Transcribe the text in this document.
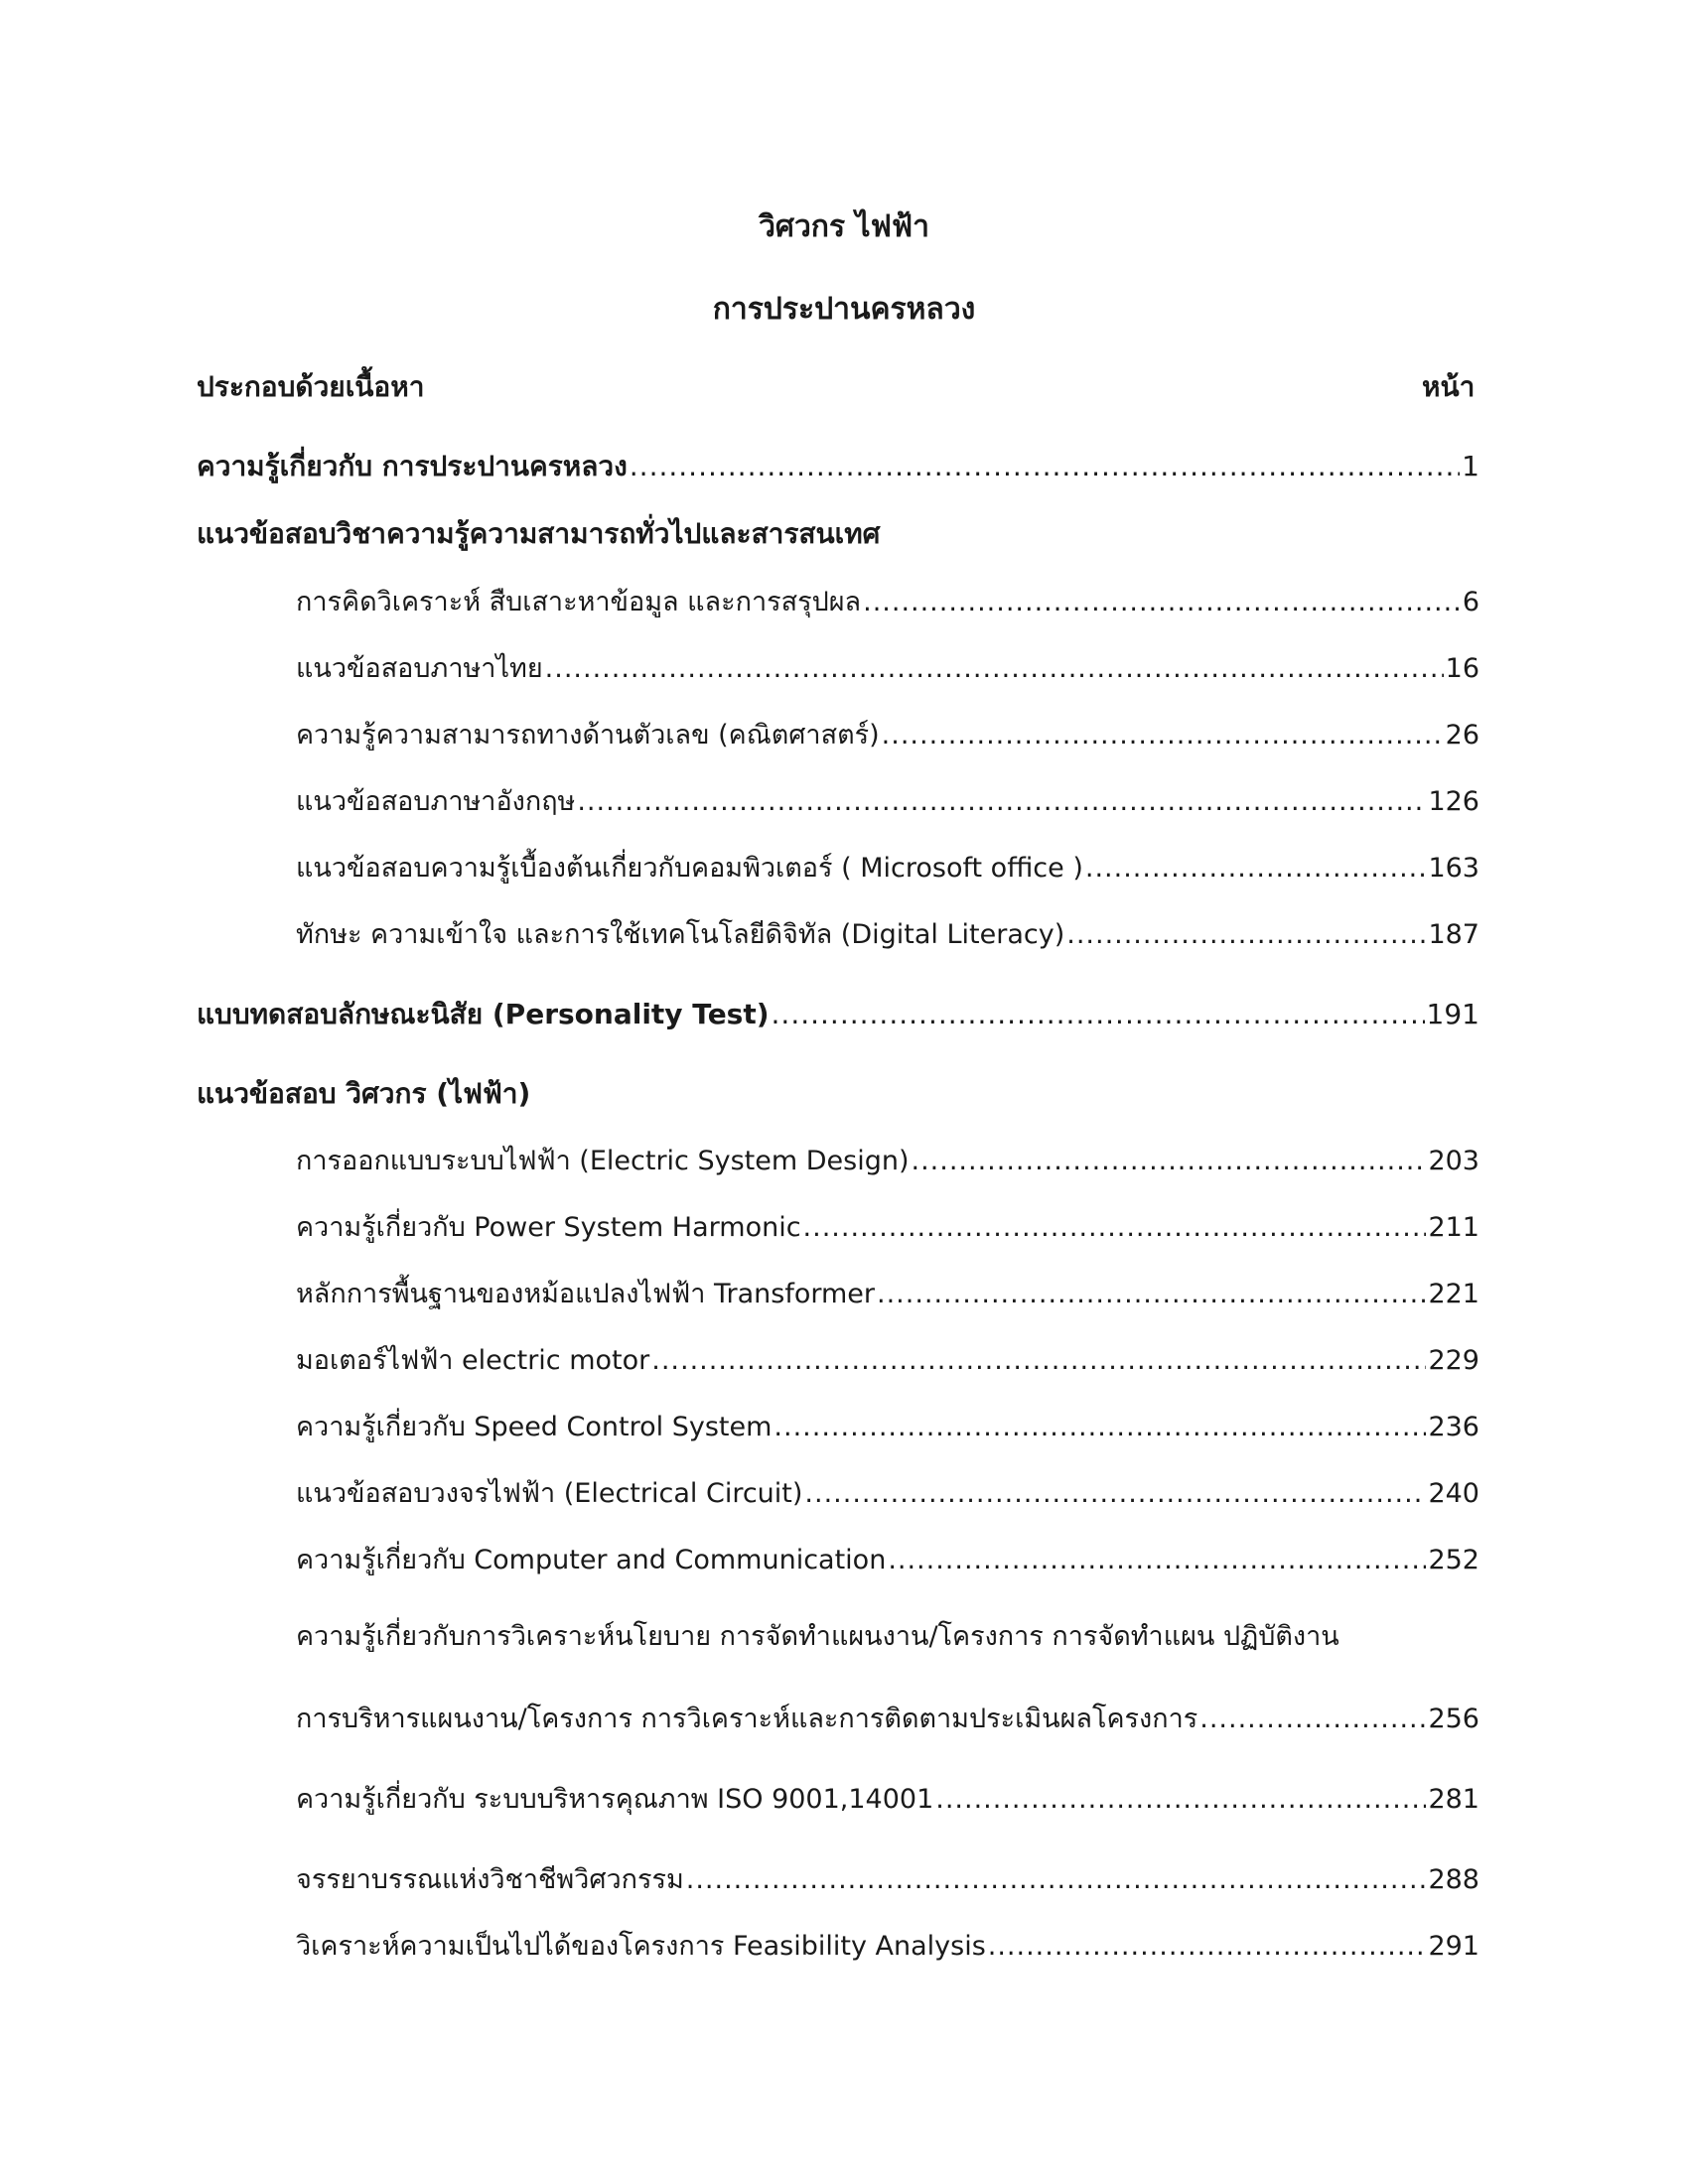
วิศวกร ไฟฟ้า
การประปานครหลวง
ประกอบด้วยเนื้อหา	หน้า
ความรู้เกี่ยวกับ การประปานครหลวง .....	1
แนวข้อสอบวิชาความรู้ความสามารถทั่วไปและสารสนเทศ
การคิดวิเคราะห์ สืบเสาะหาข้อมูล และการสรุปผล .....	6
แนวข้อสอบภาษาไทย .....	16
ความรู้ความสามารถทางด้านตัวเลข (คณิตศาสตร์) .....	26
แนวข้อสอบภาษาอังกฤษ .....	126
แนวข้อสอบความรู้เบื้องต้นเกี่ยวกับคอมพิวเตอร์ ( Microsoft office ) .....	163
ทักษะ ความเข้าใจ และการใช้เทคโนโลยีดิจิทัล (Digital Literacy) .....	187
แบบทดสอบลักษณะนิสัย (Personality Test) .....	191
แนวข้อสอบ วิศวกร (ไฟฟ้า)
การออกแบบระบบไฟฟ้า (Electric System Design) .....	203
ความรู้เกี่ยวกับ Power System Harmonic .....	211
หลักการพื้นฐานของหม้อแปลงไฟฟ้า Transformer .....	221
มอเตอร์ไฟฟ้า electric motor .....	229
ความรู้เกี่ยวกับ Speed Control System .....	236
แนวข้อสอบวงจรไฟฟ้า (Electrical Circuit) .....	240
ความรู้เกี่ยวกับ Computer and Communication .....	252
ความรู้เกี่ยวกับการวิเคราะห์นโยบาย การจัดทำแผนงาน/โครงการ การจัดทำแผน ปฏิบัติงาน
การบริหารแผนงาน/โครงการ การวิเคราะห์และการติดตามประเมินผลโครงการ .....	256
ความรู้เกี่ยวกับ ระบบบริหารคุณภาพ ISO 9001,14001 .....	281
จรรยาบรรณแห่งวิชาชีพวิศวกรรม .....	288
วิเคราะห์ความเป็นไปได้ของโครงการ Feasibility Analysis .....	291
